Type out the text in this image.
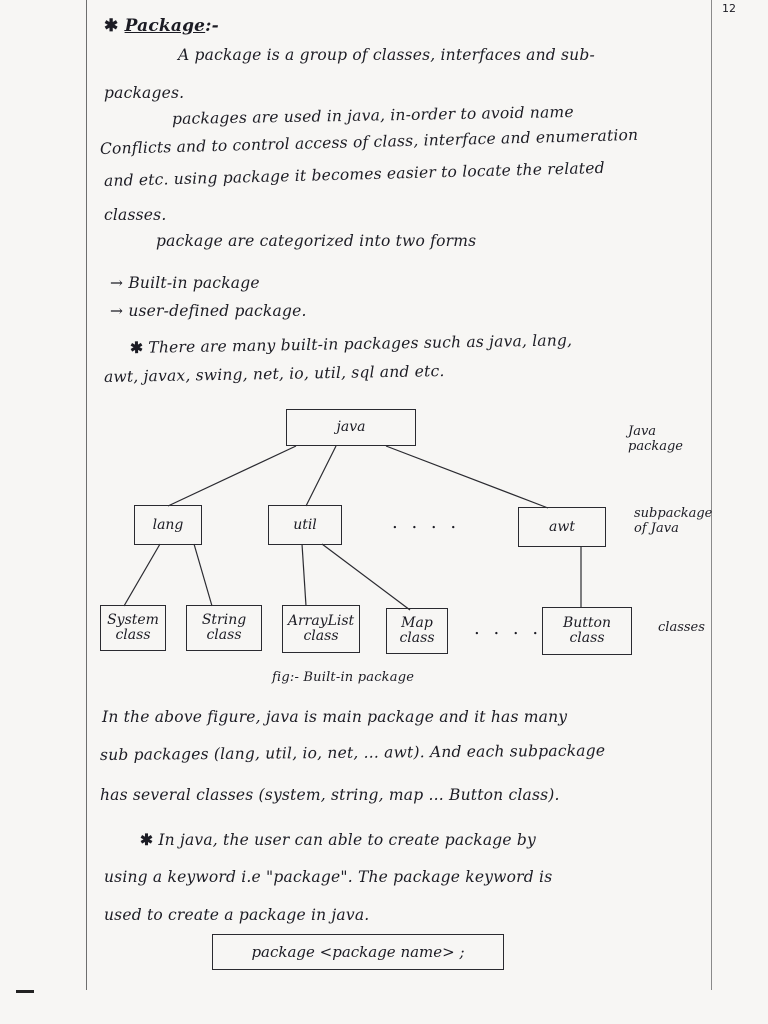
12
✱ Package:-
A package is a group of classes, interfaces and sub-
packages.
packages are used in java, in-order to avoid name
Conflicts and to control access of class, interface and enumeration
and etc. using package it becomes easier to locate the related
classes.
package are categorized into two forms
→ Built-in package
→ user-defined package.
✱ There are many built-in packages such as java, lang,
awt, javax, swing, net, io, util, sql and etc.
java
lang	util	. . . .	awt
System
class
String
class
ArrayList
class
Map
class . . . . Button
class
Java
package
subpackage
of Java
classes
fig:- Built-in package
In the above figure, java is main package and it has many
sub packages (lang, util, io, net, ... awt). And each subpackage
has several classes (system, string, map ... Button class).
✱ In java, the user can able to create package by
using a keyword i.e "package". The package keyword is
used to create a package in java.
package <package name> ;
